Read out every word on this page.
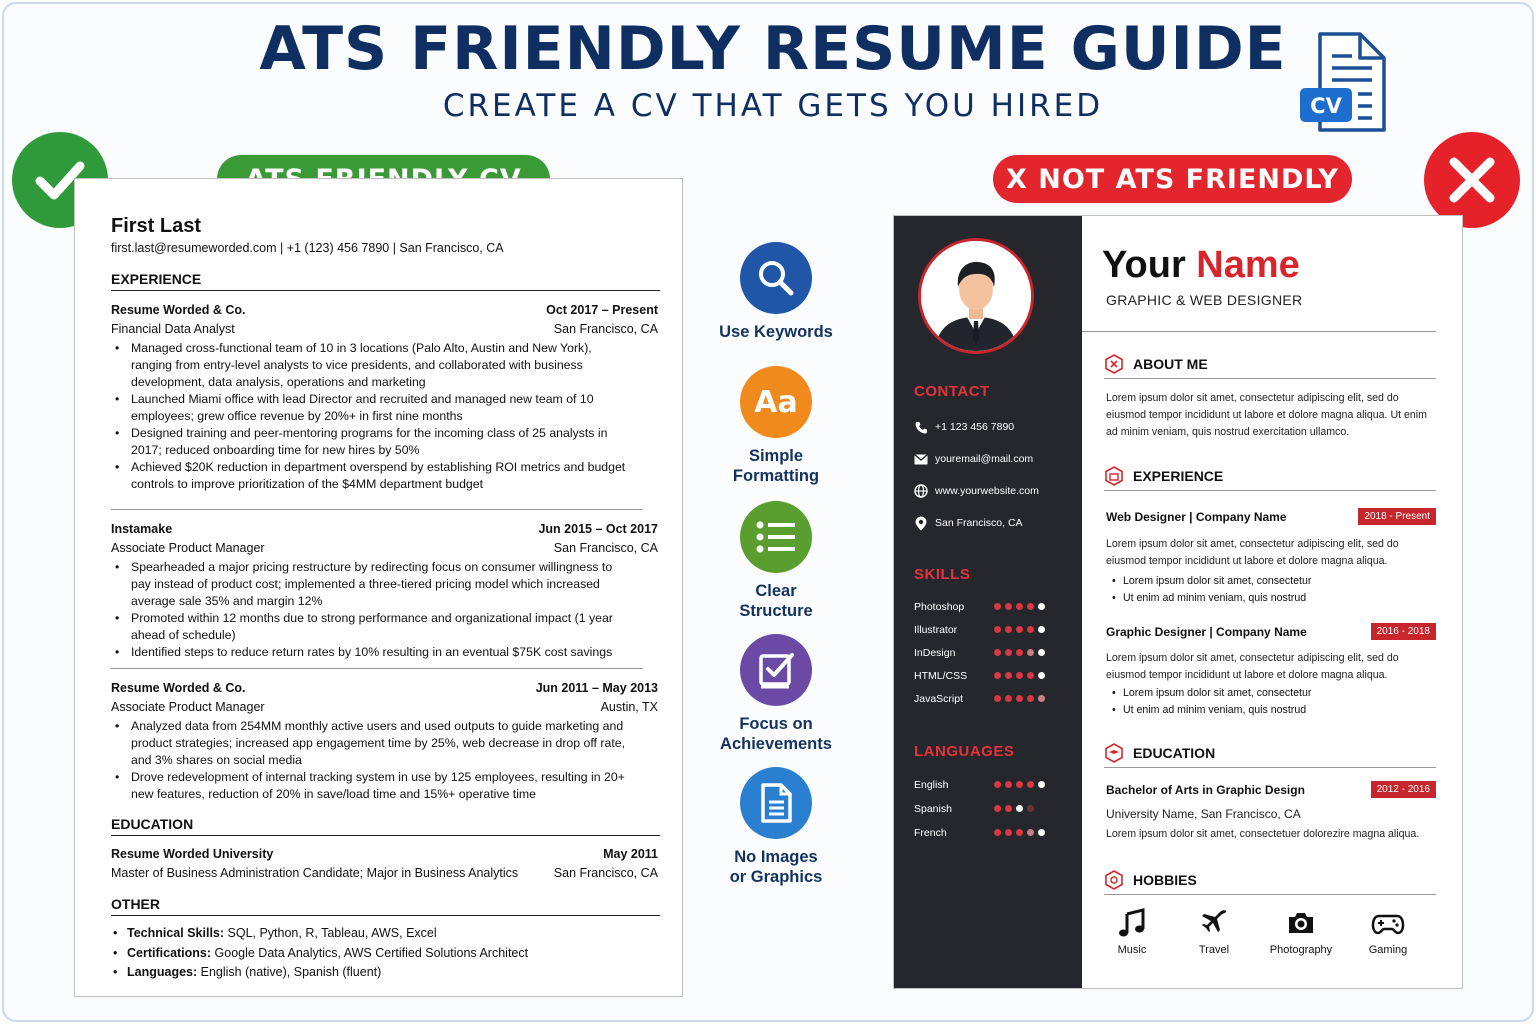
ATS FRIENDLY RESUME GUIDE
CREATE A CV THAT GETS YOU HIRED	CV
X NOT ATS FRIENDLY
First Last
first.last@resumeworded.com | +1 (123) 456 7890 | San Francisco, CA
EXPERIENCE
Resume Worded & Co.	Oct 2017 – Present
Financial Data Analyst	San Francisco, CA
• Managed cross-functional team of 10 in 3 locations (Palo Alto, Austin and New York), ranging from entry-level analysts to vice presidents, and collaborated with business development, data analysis, operations and marketing
• Launched Miami office with lead Director and recruited and managed new team of 10 employees; grew office revenue by 20%+ in first nine months
• Designed training and peer-mentoring programs for the incoming class of 25 analysts in 2017; reduced onboarding time for new hires by 50%
• Achieved $20K reduction in department overspend by establishing ROI metrics and budget controls to improve prioritization of the $4MM department budget
Instamake	Jun 2015 – Oct 2017
Associate Product Manager	San Francisco, CA
• Spearheaded a major pricing restructure by redirecting focus on consumer willingness to pay instead of product cost; implemented a three-tiered pricing model which increased average sale 35% and margin 12%
• Promoted within 12 months due to strong performance and organizational impact (1 year ahead of schedule)
• Identified steps to reduce return rates by 10% resulting in an eventual $75K cost savings
Resume Worded & Co.	Jun 2011 – May 2013
Associate Product Manager	Austin, TX
• Analyzed data from 254MM monthly active users and used outputs to guide marketing and product strategies; increased app engagement time by 25%, web decrease in drop off rate, and 3% shares on social media
• Drove redevelopment of internal tracking system in use by 125 employees, resulting in 20+ new features, reduction of 20% in save/load time and 15%+ operative time
EDUCATION
Resume Worded University	May 2011
Master of Business Administration Candidate; Major in Business Analytics	San Francisco, CA
OTHER
• Technical Skills: SQL, Python, R, Tableau, AWS, Excel
• Certifications: Google Data Analytics, AWS Certified Solutions Architect
• Languages: English (native), Spanish (fluent)
Use Keywords
Aa
Simple
Formatting
Clear
Structure
Focus on
Achievements
No Images
or Graphics
CONTACT
+1 123 456 7890
youremail@mail.com
www.yourwebsite.com
San Francisco, CA
SKILLS
Photoshop
Illustrator
InDesign
HTML/CSS
JavaScript
LANGUAGES
English
Spanish
French
Your Name
GRAPHIC & WEB DESIGNER
ABOUT ME
Lorem ipsum dolor sit amet, consectetur adipiscing elit, sed do eiusmod tempor incididunt ut labore et dolore magna aliqua. Ut enim ad minim veniam, quis nostrud exercitation ullamco.
EXPERIENCE
Web Designer | Company Name	2018 - Present
Lorem ipsum dolor sit amet, consectetur adipiscing elit, sed do eiusmod tempor incididunt ut labore et dolore magna aliqua.
• Lorem ipsum dolor sit amet, consectetur
• Ut enim ad minim veniam, quis nostrud
Graphic Designer | Company Name	2016 - 2018
Lorem ipsum dolor sit amet, consectetur adipiscing elit, sed do eiusmod tempor incididunt ut labore et dolore magna aliqua.
• Lorem ipsum dolor sit amet, consectetur
• Ut enim ad minim veniam, quis nostrud
EDUCATION
Bachelor of Arts in Graphic Design	2012 - 2016
University Name, San Francisco, CA
Lorem ipsum dolor sit amet, consectetuer dolorezire magna aliqua.
HOBBIES
Music	Travel	Photography	Gaming
